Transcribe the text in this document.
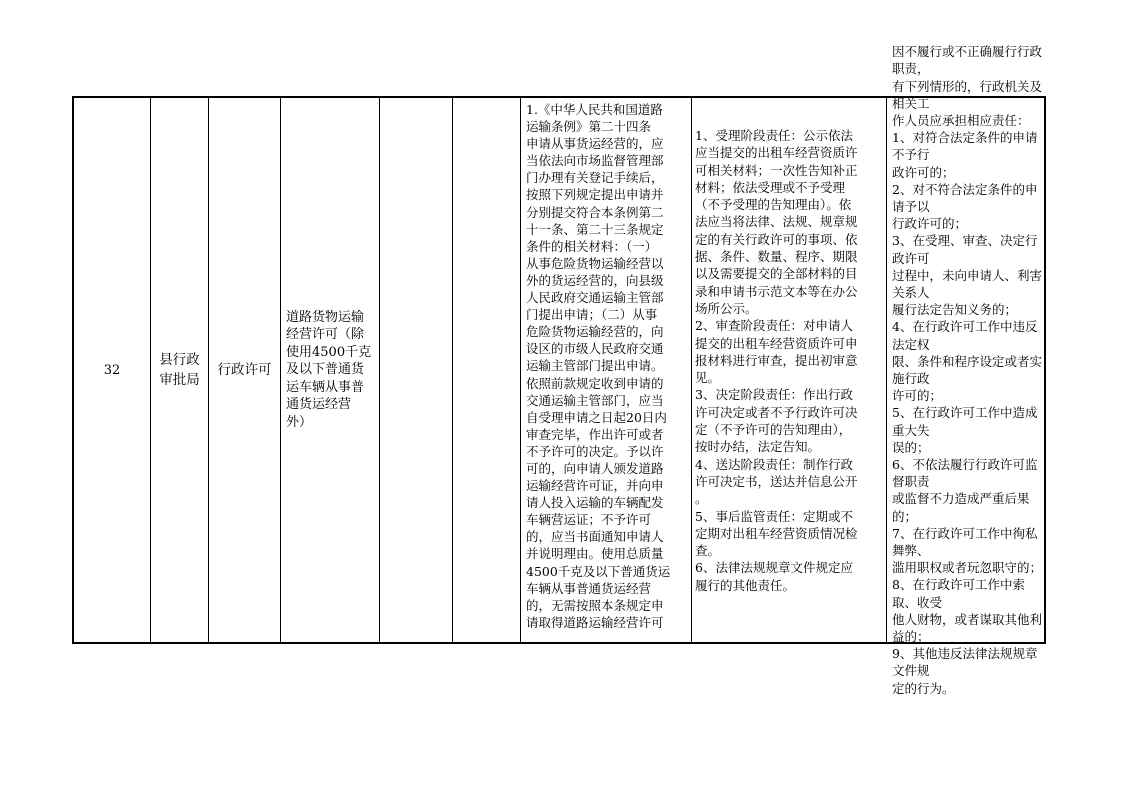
32
县行政
审批局
行政许可
道路货物运输
经营许可（除
使用4500千克
及以下普通货
运车辆从事普
通货运经营
外）
1.《中华人民共和国道路
运输条例》第二十四条
申请从事货运经营的，应
当依法向市场监督管理部
门办理有关登记手续后，
按照下列规定提出申请并
分别提交符合本条例第二
十一条、第二十三条规定
条件的相关材料：（一）
从事危险货物运输经营以
外的货运经营的，向县级
人民政府交通运输主管部
门提出申请；（二）从事
危险货物运输经营的，向
设区的市级人民政府交通
运输主管部门提出申请。
依照前款规定收到申请的
交通运输主管部门，应当
自受理申请之日起20日内
审查完毕，作出许可或者
不予许可的决定。予以许
可的，向申请人颁发道路
运输经营许可证，并向申
请人投入运输的车辆配发
车辆营运证；不予许可
的，应当书面通知申请人
并说明理由。使用总质量
4500千克及以下普通货运
车辆从事普通货运经营
的，无需按照本条规定申
请取得道路运输经营许可
1、受理阶段责任：公示依法
应当提交的出租车经营资质许
可相关材料；一次性告知补正
材料；依法受理或不予受理
（不予受理的告知理由）。依
法应当将法律、法规、规章规
定的有关行政许可的事项、依
据、条件、数量、程序、期限
以及需要提交的全部材料的目
录和申请书示范文本等在办公
场所公示。
2、审查阶段责任：对申请人
提交的出租车经营资质许可申
报材料进行审查，提出初审意
见。
3、决定阶段责任：作出行政
许可决定或者不予行政许可决
定（不予许可的告知理由），
按时办结，法定告知。
4、送达阶段责任：制作行政
许可决定书，送达并信息公开
。
5、事后监管责任：定期或不
定期对出租车经营资质情况检
查。
6、法律法规规章文件规定应
履行的其他责任。
因不履行或不正确履行行政职责，
有下列情形的，行政机关及相关工
作人员应承担相应责任：
1、对符合法定条件的申请不予行
政许可的；
2、对不符合法定条件的申请予以
行政许可的；
3、在受理、审查、决定行政许可
过程中，未向申请人、利害关系人
履行法定告知义务的；
4、在行政许可工作中违反法定权
限、条件和程序设定或者实施行政
许可的；
5、在行政许可工作中造成重大失
误的；
6、不依法履行行政许可监督职责
或监督不力造成严重后果的；
7、在行政许可工作中徇私舞弊、
滥用职权或者玩忽职守的；
8、在行政许可工作中索取、收受
他人财物，或者谋取其他利益的；
9、其他违反法律法规规章文件规
定的行为。
